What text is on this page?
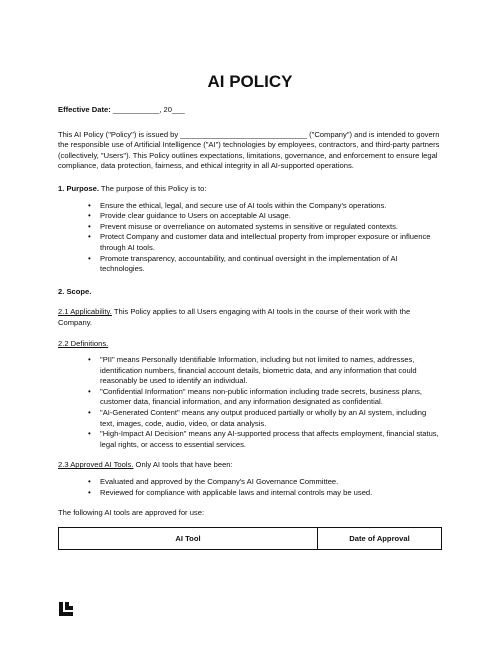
AI POLICY

Effective Date: ___________, 20___

This AI Policy ("Policy") is issued by ______________________________ ("Company") and is intended to govern the responsible use of Artificial Intelligence ("AI") technologies by employees, contractors, and third-party partners (collectively, "Users"). This Policy outlines expectations, limitations, governance, and enforcement to ensure legal compliance, data protection, fairness, and ethical integrity in all AI-supported operations.

1. Purpose. The purpose of this Policy is to:

• Ensure the ethical, legal, and secure use of AI tools within the Company's operations.
• Provide clear guidance to Users on acceptable AI usage.
• Prevent misuse or overreliance on automated systems in sensitive or regulated contexts.
• Protect Company and customer data and intellectual property from improper exposure or influence through AI tools.
• Promote transparency, accountability, and continual oversight in the implementation of AI technologies.

2. Scope.

2.1 Applicability. This Policy applies to all Users engaging with AI tools in the course of their work with the Company.

2.2 Definitions.

• "PII" means Personally Identifiable Information, including but not limited to names, addresses, identification numbers, financial account details, biometric data, and any information that could reasonably be used to identify an individual.
• "Confidential Information" means non-public information including trade secrets, business plans, customer data, financial information, and any information designated as confidential.
• "AI-Generated Content" means any output produced partially or wholly by an AI system, including text, images, code, audio, video, or data analysis.
• "High-Impact AI Decision" means any AI-supported process that affects employment, financial status, legal rights, or access to essential services.

2.3 Approved AI Tools. Only AI tools that have been:

• Evaluated and approved by the Company's AI Governance Committee.
• Reviewed for compliance with applicable laws and internal controls may be used.

The following AI tools are approved for use:

AI Tool	Date of Approval
